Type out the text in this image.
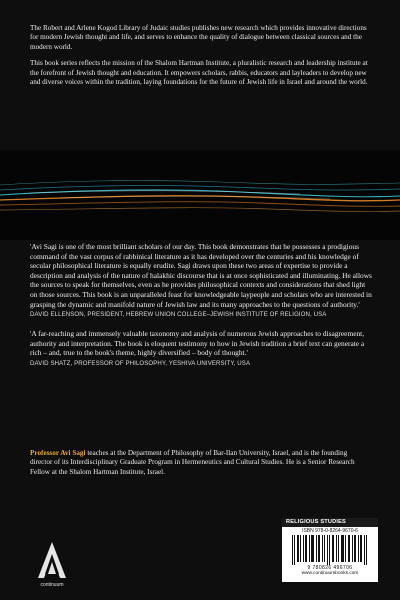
The Robert and Arlene Kogod Library of Judaic studies publishes new research which provides innovative directions for modern Jewish thought and life, and serves to enhance the quality of dialogue between classical sources and the modern world.

This book series reflects the mission of the Shalom Hartman Institute, a pluralistic research and leadership institute at the forefront of Jewish thought and education. It empowers scholars, rabbis, educators and layleaders to develop new and diverse voices within the tradition, laying foundations for the future of Jewish life in Israel and around the world.

'Avi Sagi is one of the most brilliant scholars of our day. This book demonstrates that he possesses a prodigious command of the vast corpus of rabbinical literature as it has developed over the centuries and his knowledge of secular philosophical literature is equally erudite. Sagi draws upon these two areas of expertise to provide a description and analysis of the nature of halakhic discourse that is at once sophisticated and illuminating. He allows the sources to speak for themselves, even as he provides philosophical contexts and considerations that shed light on those sources. This book is an unparalleled feast for knowledgeable laypeople and scholars who are interested in grasping the dynamic and manifold nature of Jewish law and its many approaches to the questions of authority.'

DAVID ELLENSON, PRESIDENT, HEBREW UNION COLLEGE–JEWISH INSTITUTE OF RELIGION, USA

'A far-reaching and immensely valuable taxonomy and analysis of numerous Jewish approaches to disagreement, authority and interpretation. The book is eloquent testimony to how in Jewish tradition a brief text can generate a rich – and, true to the book's theme, highly diversified – body of thought.'

DAVID SHATZ, PROFESSOR OF PHILOSOPHY, YESHIVA UNIVERSITY, USA

Professor Avi Sagi teaches at the Department of Philosophy of Bar-Ilan University, Israel, and is the founding director of its Interdisciplinary Graduate Program in Hermeneutics and Cultural Studies. He is a Senior Research Fellow at the Shalom Hartman Institute, Israel.

continuum
RELIGIOUS STUDIES
ISBN 978-0-8264-9670-6
9 780826 496706
www.continuumbooks.com
